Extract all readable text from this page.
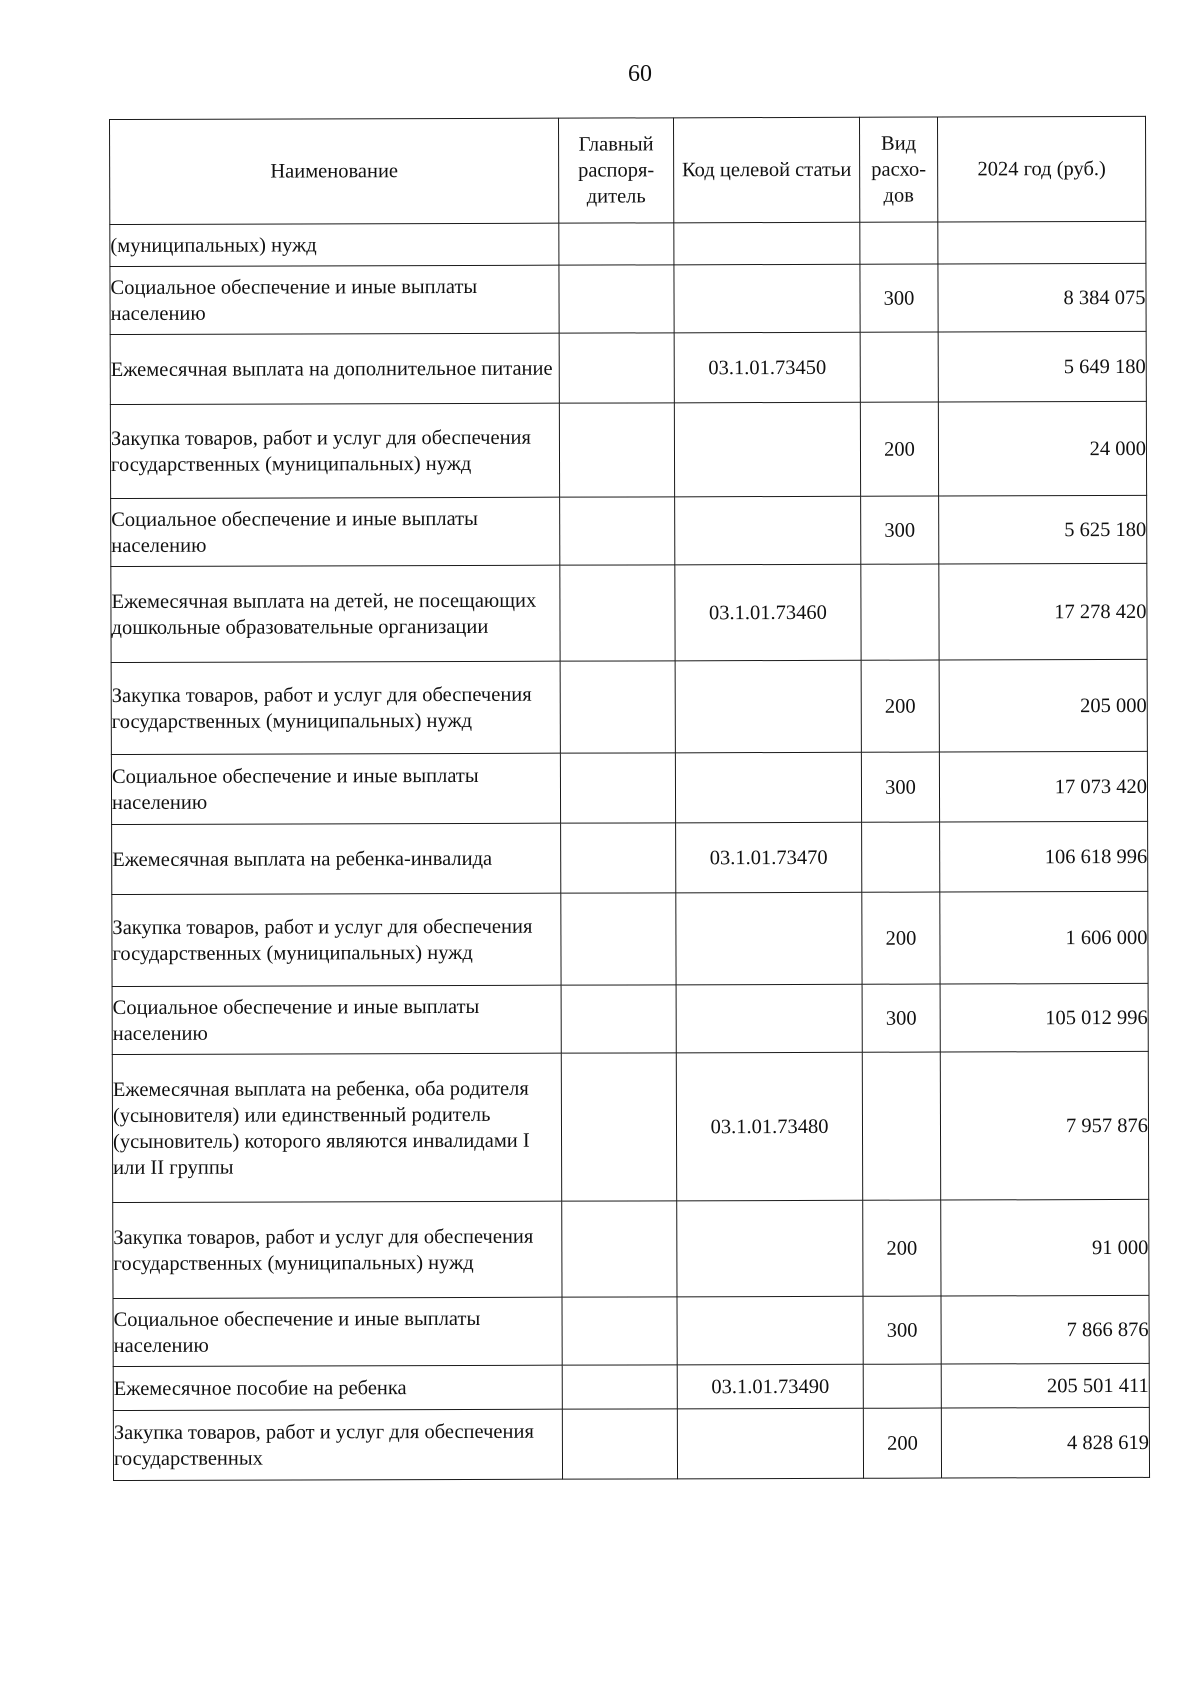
60
Наименование	Главный распоря-дитель	Код целевой статьи	Вид расхо-дов	2024 год (руб.)

(муниципальных) нужд				
Социальное обеспечение и иные выплаты населению			300	8 384 075
Ежемесячная выплата на дополнительное питание		03.1.01.73450		5 649 180
Закупка товаров, работ и услуг для обеспечения государственных (муниципальных) нужд			200	24 000
Социальное обеспечение и иные выплаты населению			300	5 625 180
Ежемесячная выплата на детей, не посещающих дошкольные образовательные организации		03.1.01.73460		17 278 420
Закупка товаров, работ и услуг для обеспечения государственных (муниципальных) нужд			200	205 000
Социальное обеспечение и иные выплаты населению			300	17 073 420
Ежемесячная выплата на ребенка-инвалида		03.1.01.73470		106 618 996
Закупка товаров, работ и услуг для обеспечения государственных (муниципальных) нужд			200	1 606 000
Социальное обеспечение и иные выплаты населению			300	105 012 996
Ежемесячная выплата на ребенка, оба родителя (усыновителя) или единственный родитель (усыновитель) которого являются инвалидами I или II группы		03.1.01.73480		7 957 876
Закупка товаров, работ и услуг для обеспечения государственных (муниципальных) нужд			200	91 000
Социальное обеспечение и иные выплаты населению			300	7 866 876
Ежемесячное пособие на ребенка		03.1.01.73490		205 501 411
Закупка товаров, работ и услуг для обеспечения государственных			200	4 828 619
